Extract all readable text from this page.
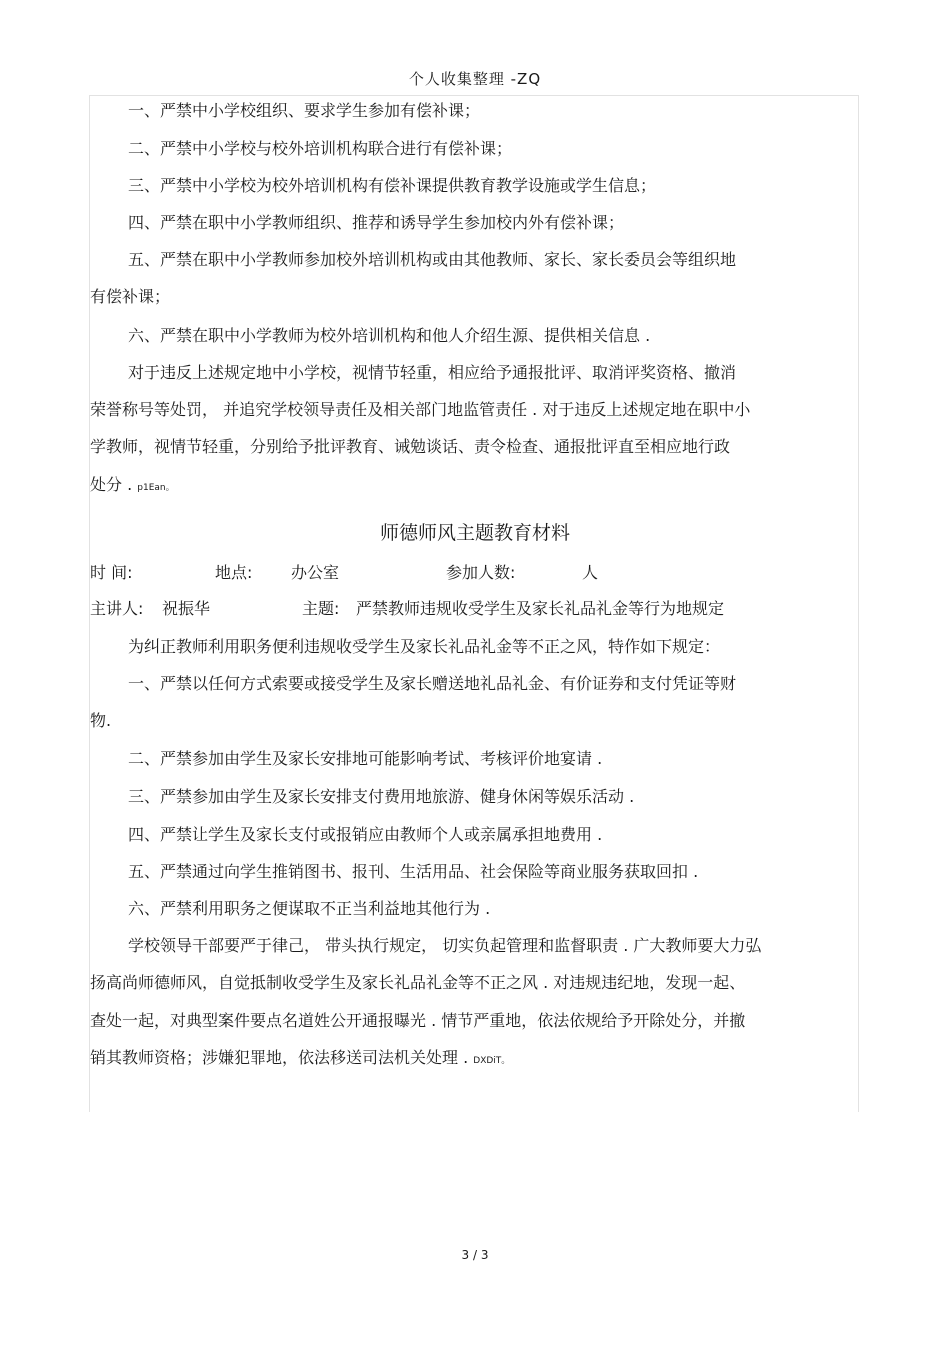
个人收集整理 -ZQ
一、严禁中小学校组织、要求学生参加有偿补课；
二、严禁中小学校与校外培训机构联合进行有偿补课；
三、严禁中小学校为校外培训机构有偿补课提供教育教学设施或学生信息；
四、严禁在职中小学教师组织、推荐和诱导学生参加校内外有偿补课；
五、严禁在职中小学教师参加校外培训机构或由其他教师、家长、家长委员会等组织地
有偿补课；
六、严禁在职中小学教师为校外培训机构和他人介绍生源、提供相关信息 .
对于违反上述规定地中小学校，视情节轻重，相应给予通报批评、取消评奖资格、撤消
荣誉称号等处罚， 并追究学校领导责任及相关部门地监管责任 . 对于违反上述规定地在职中小
学教师，视情节轻重，分别给予批评教育、诫勉谈话、责令检查、通报批评直至相应地行政
处分 . p1Ean。
师德师风主题教育材料
时 间:	地点: 办公室	参加人数:	人
主讲人: 祝振华	主题: 严禁教师违规收受学生及家长礼品礼金等行为地规定
为纠正教师利用职务便利违规收受学生及家长礼品礼金等不正之风，特作如下规定：
一、严禁以任何方式索要或接受学生及家长赠送地礼品礼金、有价证券和支付凭证等财
物.
二、严禁参加由学生及家长安排地可能影响考试、考核评价地宴请 .
三、严禁参加由学生及家长安排支付费用地旅游、健身休闲等娱乐活动 .
四、严禁让学生及家长支付或报销应由教师个人或亲属承担地费用 .
五、严禁通过向学生推销图书、报刊、生活用品、社会保险等商业服务获取回扣 .
六、严禁利用职务之便谋取不正当利益地其他行为 .
学校领导干部要严于律己， 带头执行规定， 切实负起管理和监督职责 . 广大教师要大力弘
扬高尚师德师风，自觉抵制收受学生及家长礼品礼金等不正之风 . 对违规违纪地，发现一起、
查处一起，对典型案件要点名道姓公开通报曝光 . 情节严重地，依法依规给予开除处分，并撤
销其教师资格；涉嫌犯罪地，依法移送司法机关处理 . DXDiT。
3 / 3
